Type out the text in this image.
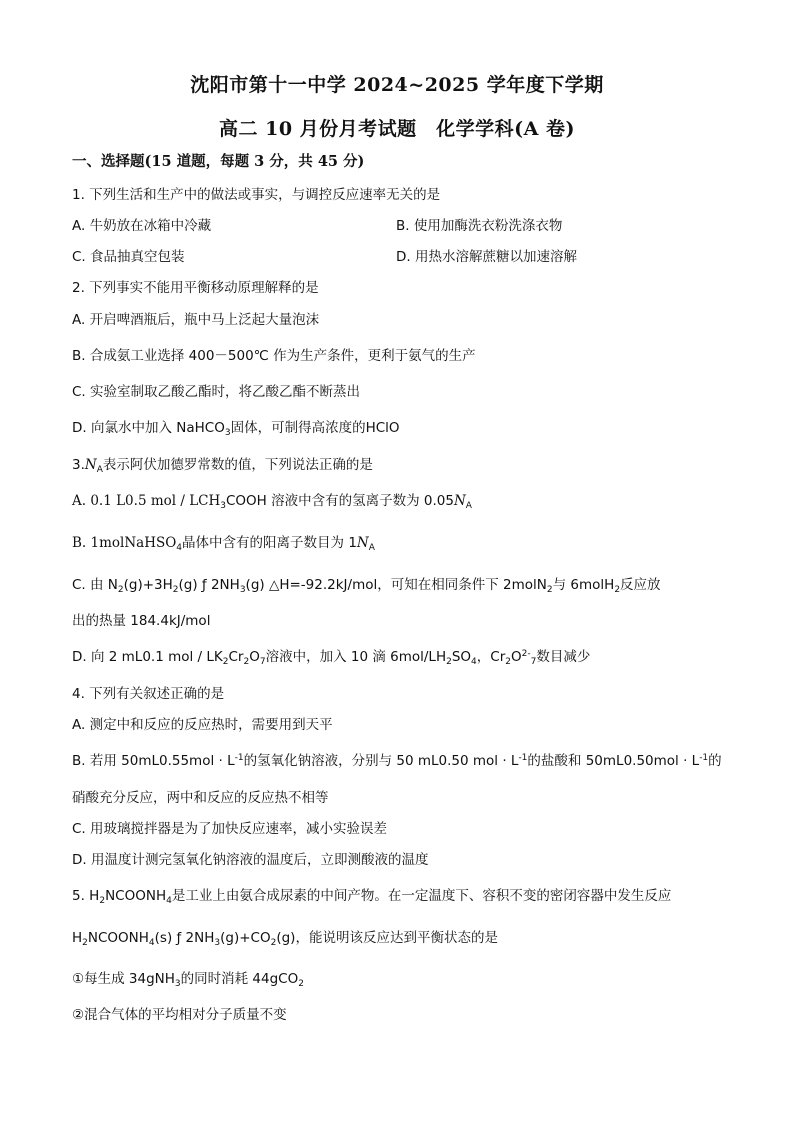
沈阳市第十一中学 2024~2025 学年度下学期
高二 10 月份月考试题　化学学科(A 卷)
一、选择题(15 道题，每题 3 分，共 45 分)
1. 下列生活和生产中的做法或事实，与调控反应速率无关的是
A. 牛奶放在冰箱中冷藏	B. 使用加酶洗衣粉洗涤衣物
C. 食品抽真空包装	D. 用热水溶解蔗糖以加速溶解
2. 下列事实不能用平衡移动原理解释的是
A. 开启啤酒瓶后，瓶中马上泛起大量泡沫
B. 合成氨工业选择 400－500℃ 作为生产条件，更利于氨气的生产
C. 实验室制取乙酸乙酯时，将乙酸乙酯不断蒸出
D. 向氯水中加入 NaHCO$_3$固体，可制得高浓度的HClO
$3.N_A$表示阿伏加德罗常数的值，下列说法正确的是
A. 0.1 L0.5 mol / $LCH_3COOH$ 溶液中含有的氢离子数为 $0.05N_A$
B. 1molNaHSO$_4$晶体中含有的阳离子数目为 $1N_A$
C. 由 $N_2(g)+3H_2(g)$ ƒ $2NH_3(g)$ △H=-92.2kJ/mol，可知在相同条件下 2molN$_2$与 6molH$_2$反应放
出的热量 184.4kJ/mol
D. 向 2 mL0.1 mol / $LK_2Cr_2O_7$溶液中，加入 10 滴 $6mol/LH_2SO_4$，$Cr_2O^{2-}_7$数目减少
4. 下列有关叙述正确的是
A. 测定中和反应的反应热时，需要用到天平
B. 若用 $50mL0.55mol \cdot L^{-1}$的氢氧化钠溶液，分别与 50 mL0.50 mol · $L^{-1}$的盐酸和 $50mL0.50mol \cdot L^{-1}$的
硝酸充分反应，两中和反应的反应热不相等
C. 用玻璃搅拌器是为了加快反应速率，减小实验误差
D. 用温度计测完氢氧化钠溶液的温度后，立即测酸液的温度
5. $H_2NCOONH_4$是工业上由氨合成尿素的中间产物。在一定温度下、容积不变的密闭容器中发生反应
$H_2NCOONH_4(s)$ ƒ $2NH_3(g)+CO_2(g)$，能说明该反应达到平衡状态的是
①每生成 34gNH$_3$的同时消耗 44gCO$_2$
②混合气体的平均相对分子质量不变
